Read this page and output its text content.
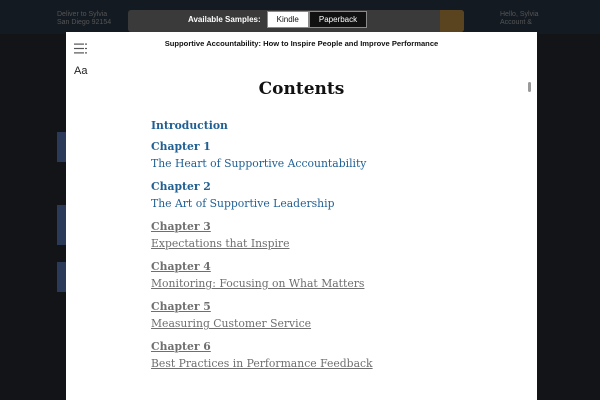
Deliver to Sylvia
San Diego 92154
Hello, Sylvia
Account &
Available Samples:	Kindle	Paperback
Supportive Accountability: How to Inspire People and Improve Performance
Aa
Contents
Introduction
Chapter 1
The Heart of Supportive Accountability
Chapter 2
The Art of Supportive Leadership
Chapter 3
Expectations that Inspire
Chapter 4
Monitoring: Focusing on What Matters
Chapter 5
Measuring Customer Service
Chapter 6
Best Practices in Performance Feedback
